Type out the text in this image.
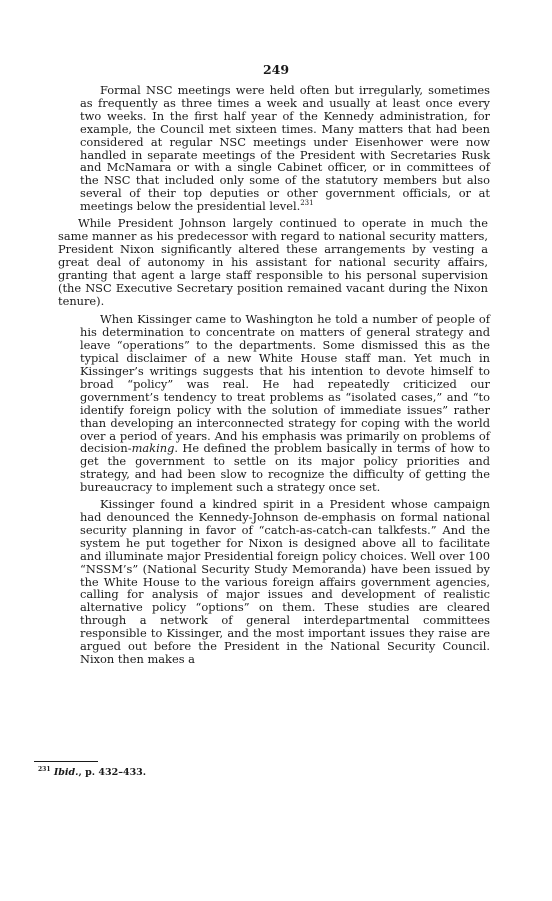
249

Formal NSC meetings were held often but irregularly, sometimes as frequently as three times a week and usually at least once every two weeks. In the first half year of the Kennedy administration, for example, the Council met sixteen times. Many matters that had been considered at regular NSC meetings under Eisenhower were now handled in separate meetings of the President with Secretaries Rusk and McNamara or with a single Cabinet officer, or in committees of the NSC that included only some of the statutory members but also several of their top deputies or other government officials, or at meetings below the presidential level.$^{231}$

While President Johnson largely continued to operate in much the same manner as his predecessor with regard to national security matters, President Nixon significantly altered these arrangements by vesting a great deal of autonomy in his assistant for national security affairs, granting that agent a large staff responsible to his personal supervision (the NSC Executive Secretary position remained vacant during the Nixon tenure).

When Kissinger came to Washington he told a number of people of his determination to concentrate on matters of general strategy and leave “operations” to the departments. Some dismissed this as the typical disclaimer of a new White House staff man. Yet much in Kissinger’s writings suggests that his intention to devote himself to broad “policy” was real. He had repeatedly criticized our government’s tendency to treat problems as “isolated cases,” and “to identify foreign policy with the solution of immediate issues” rather than developing an interconnected strategy for coping with the world over a period of years. And his emphasis was primarily on problems of decision-making. He defined the problem basically in terms of how to get the government to settle on its major policy priorities and strategy, and had been slow to recognize the difficulty of getting the bureaucracy to implement such a strategy once set.

Kissinger found a kindred spirit in a President whose campaign had denounced the Kennedy-Johnson de-emphasis on formal national security planning in favor of “catch-as-catch-can talkfests.” And the system he put together for Nixon is designed above all to facilitate and illuminate major Presidential foreign policy choices. Well over 100 “NSSM’s” (National Security Study Memoranda) have been issued by the White House to the various foreign affairs government agencies, calling for analysis of major issues and development of realistic alternative policy “options” on them. These studies are cleared through a network of general interdepartmental committees responsible to Kissinger, and the most important issues they raise are argued out before the President in the National Security Council. Nixon then makes a

$^{231}$ Ibid., p. 432–433.
